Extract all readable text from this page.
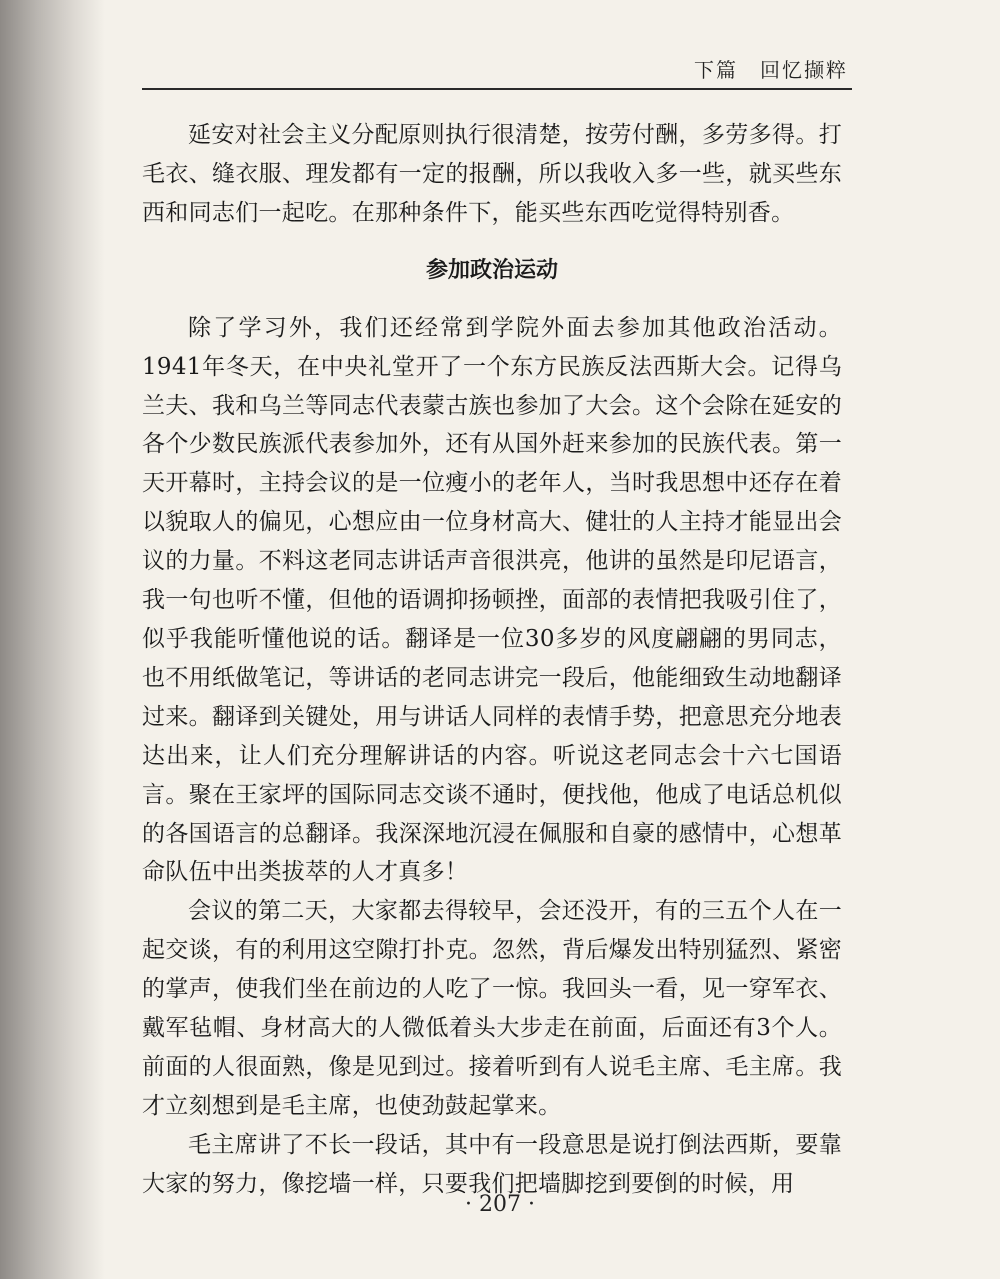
下篇 回忆撷粹

延安对社会主义分配原则执行很清楚，按劳付酬，多劳多得。打毛衣、缝衣服、理发都有一定的报酬，所以我收入多一些，就买些东西和同志们一起吃。在那种条件下，能买些东西吃觉得特别香。

参加政治运动

除了学习外，我们还经常到学院外面去参加其他政治活动。1941年冬天，在中央礼堂开了一个东方民族反法西斯大会。记得乌兰夫、我和乌兰等同志代表蒙古族也参加了大会。这个会除在延安的各个少数民族派代表参加外，还有从国外赶来参加的民族代表。第一天开幕时，主持会议的是一位瘦小的老年人，当时我思想中还存在着以貌取人的偏见，心想应由一位身材高大、健壮的人主持才能显出会议的力量。不料这老同志讲话声音很洪亮，他讲的虽然是印尼语言，我一句也听不懂，但他的语调抑扬顿挫，面部的表情把我吸引住了，似乎我能听懂他说的话。翻译是一位30多岁的风度翩翩的男同志，也不用纸做笔记，等讲话的老同志讲完一段后，他能细致生动地翻译过来。翻译到关键处，用与讲话人同样的表情手势，把意思充分地表达出来，让人们充分理解讲话的内容。听说这老同志会十六七国语言。聚在王家坪的国际同志交谈不通时，便找他，他成了电话总机似的各国语言的总翻译。我深深地沉浸在佩服和自豪的感情中，心想革命队伍中出类拔萃的人才真多！

会议的第二天，大家都去得较早，会还没开，有的三五个人在一起交谈，有的利用这空隙打扑克。忽然，背后爆发出特别猛烈、紧密的掌声，使我们坐在前边的人吃了一惊。我回头一看，见一穿军衣、戴军毡帽、身材高大的人微低着头大步走在前面，后面还有3个人。前面的人很面熟，像是见到过。接着听到有人说毛主席、毛主席。我才立刻想到是毛主席，也使劲鼓起掌来。

毛主席讲了不长一段话，其中有一段意思是说打倒法西斯，要靠大家的努力，像挖墙一样，只要我们把墙脚挖到要倒的时候，用

· 207 ·
